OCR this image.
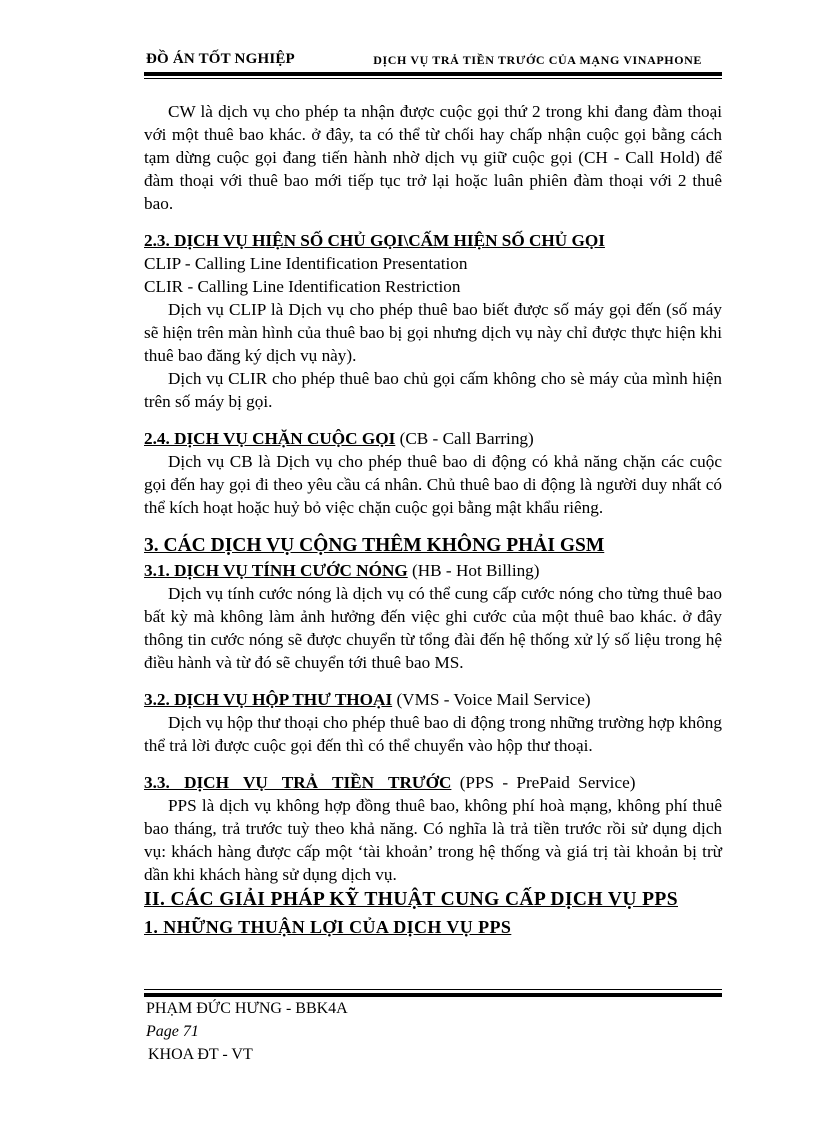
ĐỒ ÁN TỐT NGHIỆP	DỊCH VỤ TRẢ TIỀN TRƯỚC CỦA MẠNG VINAPHONE

CW là dịch vụ cho phép ta nhận được cuộc gọi thứ 2 trong khi đang đàm thoại với một thuê bao khác. ở đây, ta có thể từ chối hay chấp nhận cuộc gọi bằng cách tạm dừng cuộc gọi đang tiến hành nhờ dịch vụ giữ cuộc gọi (CH - Call Hold) để đàm thoại với thuê bao mới tiếp tục trở lại hoặc luân phiên đàm thoại với 2 thuê bao.

2.3. DỊCH VỤ HIỆN SỐ CHỦ GỌI\CẤM HIỆN SỐ CHỦ GỌI

CLIP - Calling Line Identification Presentation

CLIR - Calling Line Identification Restriction

Dịch vụ CLIP là Dịch vụ cho phép thuê bao biết được số máy gọi đến (số máy sẽ hiện trên màn hình của thuê bao bị gọi nhưng dịch vụ này chỉ được thực hiện khi thuê bao đăng ký dịch vụ này).

Dịch vụ CLIR cho phép thuê bao chủ gọi cấm không cho sè máy của mình hiện trên số máy bị gọi.

2.4. DỊCH VỤ CHẶN CUỘC GỌI (CB - Call Barring)

Dịch vụ CB là Dịch vụ cho phép thuê bao di động có khả năng chặn các cuộc gọi đến hay gọi đi theo yêu cầu cá nhân. Chủ thuê bao di động là người duy nhất có thể kích hoạt hoặc huỷ bỏ việc chặn cuộc gọi bằng mật khẩu riêng.

3. CÁC DỊCH VỤ CỘNG THÊM KHÔNG PHẢI GSM

3.1. DỊCH VỤ TÍNH CƯỚC NÓNG (HB - Hot Billing)

Dịch vụ tính cước nóng là dịch vụ có thể cung cấp cước nóng cho từng thuê bao bất kỳ mà không làm ảnh hưởng đến việc ghi cước của một thuê bao khác. ở đây thông tin cước nóng sẽ được chuyển từ tổng đài đến hệ thống xử lý số liệu trong hệ điều hành và từ đó sẽ chuyển tới thuê bao MS.

3.2. DỊCH VỤ HỘP THƯ THOẠI (VMS - Voice Mail Service)

Dịch vụ hộp thư thoại cho phép thuê bao di động trong những trường hợp không thể trả lời được cuộc gọi đến thì có thể chuyển vào hộp thư thoại.

3.3. DỊCH VỤ TRẢ TIỀN TRƯỚC (PPS - PrePaid Service)

PPS là dịch vụ không hợp đồng thuê bao, không phí hoà mạng, không phí thuê bao tháng, trả trước tuỳ theo khả năng. Có nghĩa là trả tiền trước rồi sử dụng dịch vụ: khách hàng được cấp một ‘tài khoản’ trong hệ thống và giá trị tài khoản bị trừ dần khi khách hàng sử dụng dịch vụ.

II. CÁC GIẢI PHÁP KỸ THUẬT CUNG CẤP DỊCH VỤ PPS

1. NHỮNG THUẬN LỢI CỦA DỊCH VỤ PPS

PHẠM ĐỨC HƯNG - BBK4A
Page 71
KHOA ĐT - VT
